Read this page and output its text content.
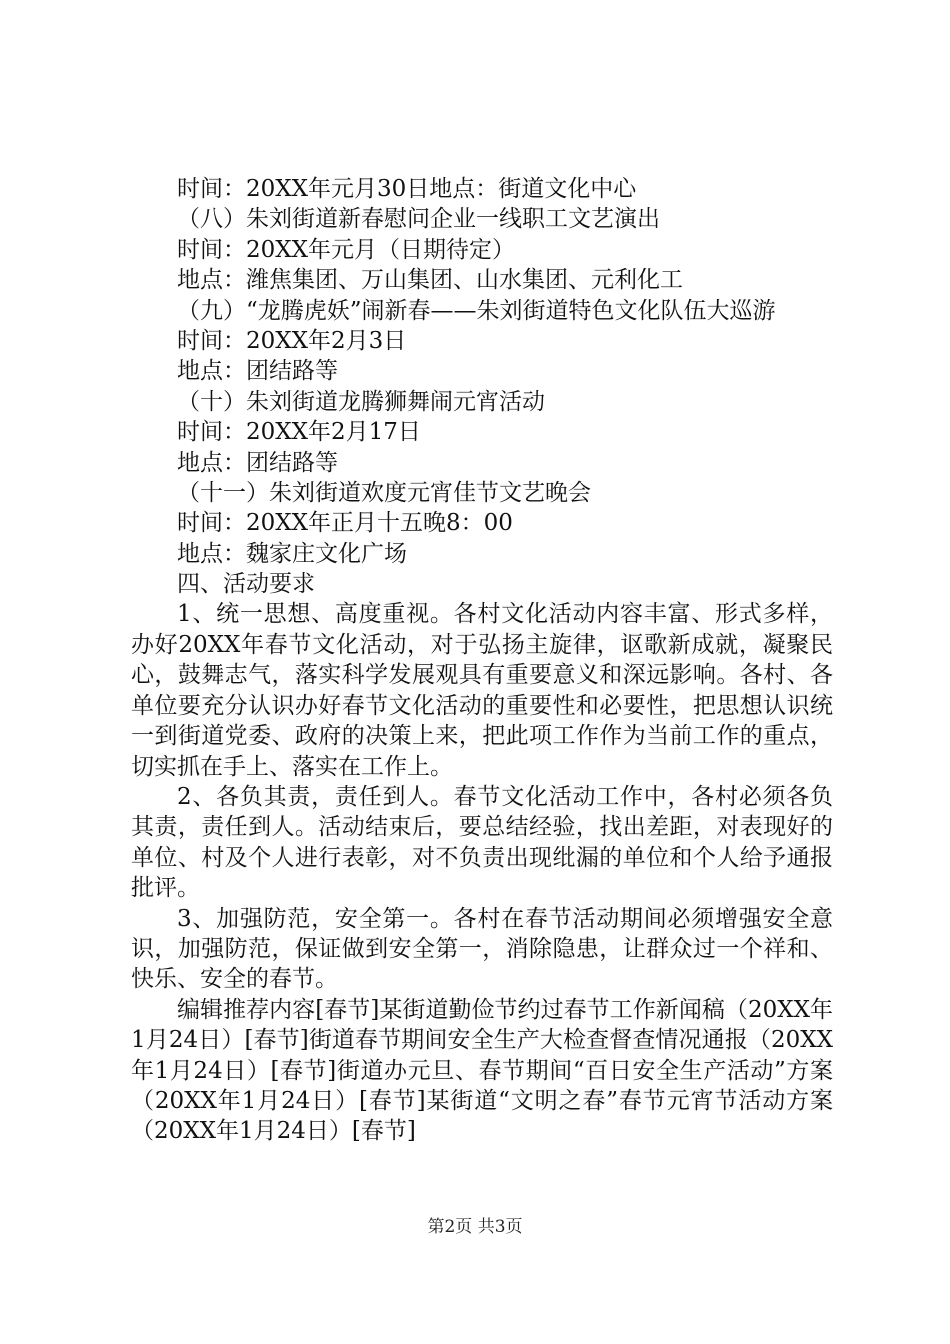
时间：20XX年元月30日地点：街道文化中心
（八）朱刘街道新春慰问企业一线职工文艺演出
时间：20XX年元月（日期待定）
地点：潍焦集团、万山集团、山水集团、元利化工
（九）“龙腾虎妖”闹新春——朱刘街道特色文化队伍大巡游
时间：20XX年2月3日
地点：团结路等
（十）朱刘街道龙腾狮舞闹元宵活动
时间：20XX年2月17日
地点：团结路等
（十一）朱刘街道欢度元宵佳节文艺晚会
时间：20XX年正月十五晚8：00
地点：魏家庄文化广场
四、活动要求
1、统一思想、高度重视。各村文化活动内容丰富、形式多样，办好20XX年春节文化活动，对于弘扬主旋律，讴歌新成就，凝聚民心，鼓舞志气，落实科学发展观具有重要意义和深远影响。各村、各单位要充分认识办好春节文化活动的重要性和必要性，把思想认识统一到街道党委、政府的决策上来，把此项工作作为当前工作的重点，切实抓在手上、落实在工作上。
2、各负其责，责任到人。春节文化活动工作中，各村必须各负其责，责任到人。活动结束后，要总结经验，找出差距，对表现好的单位、村及个人进行表彰，对不负责出现纰漏的单位和个人给予通报批评。
3、加强防范，安全第一。各村在春节活动期间必须增强安全意识，加强防范，保证做到安全第一，消除隐患，让群众过一个祥和、快乐、安全的春节。
编辑推荐内容[春节]某街道勤俭节约过春节工作新闻稿（20XX年1月24日）[春节]街道春节期间安全生产大检查督查情况通报（20XX年1月24日）[春节]街道办元旦、春节期间“百日安全生产活动”方案（20XX年1月24日）[春节]某街道“文明之春”春节元宵节活动方案（20XX年1月24日）[春节]
第2页 共3页
